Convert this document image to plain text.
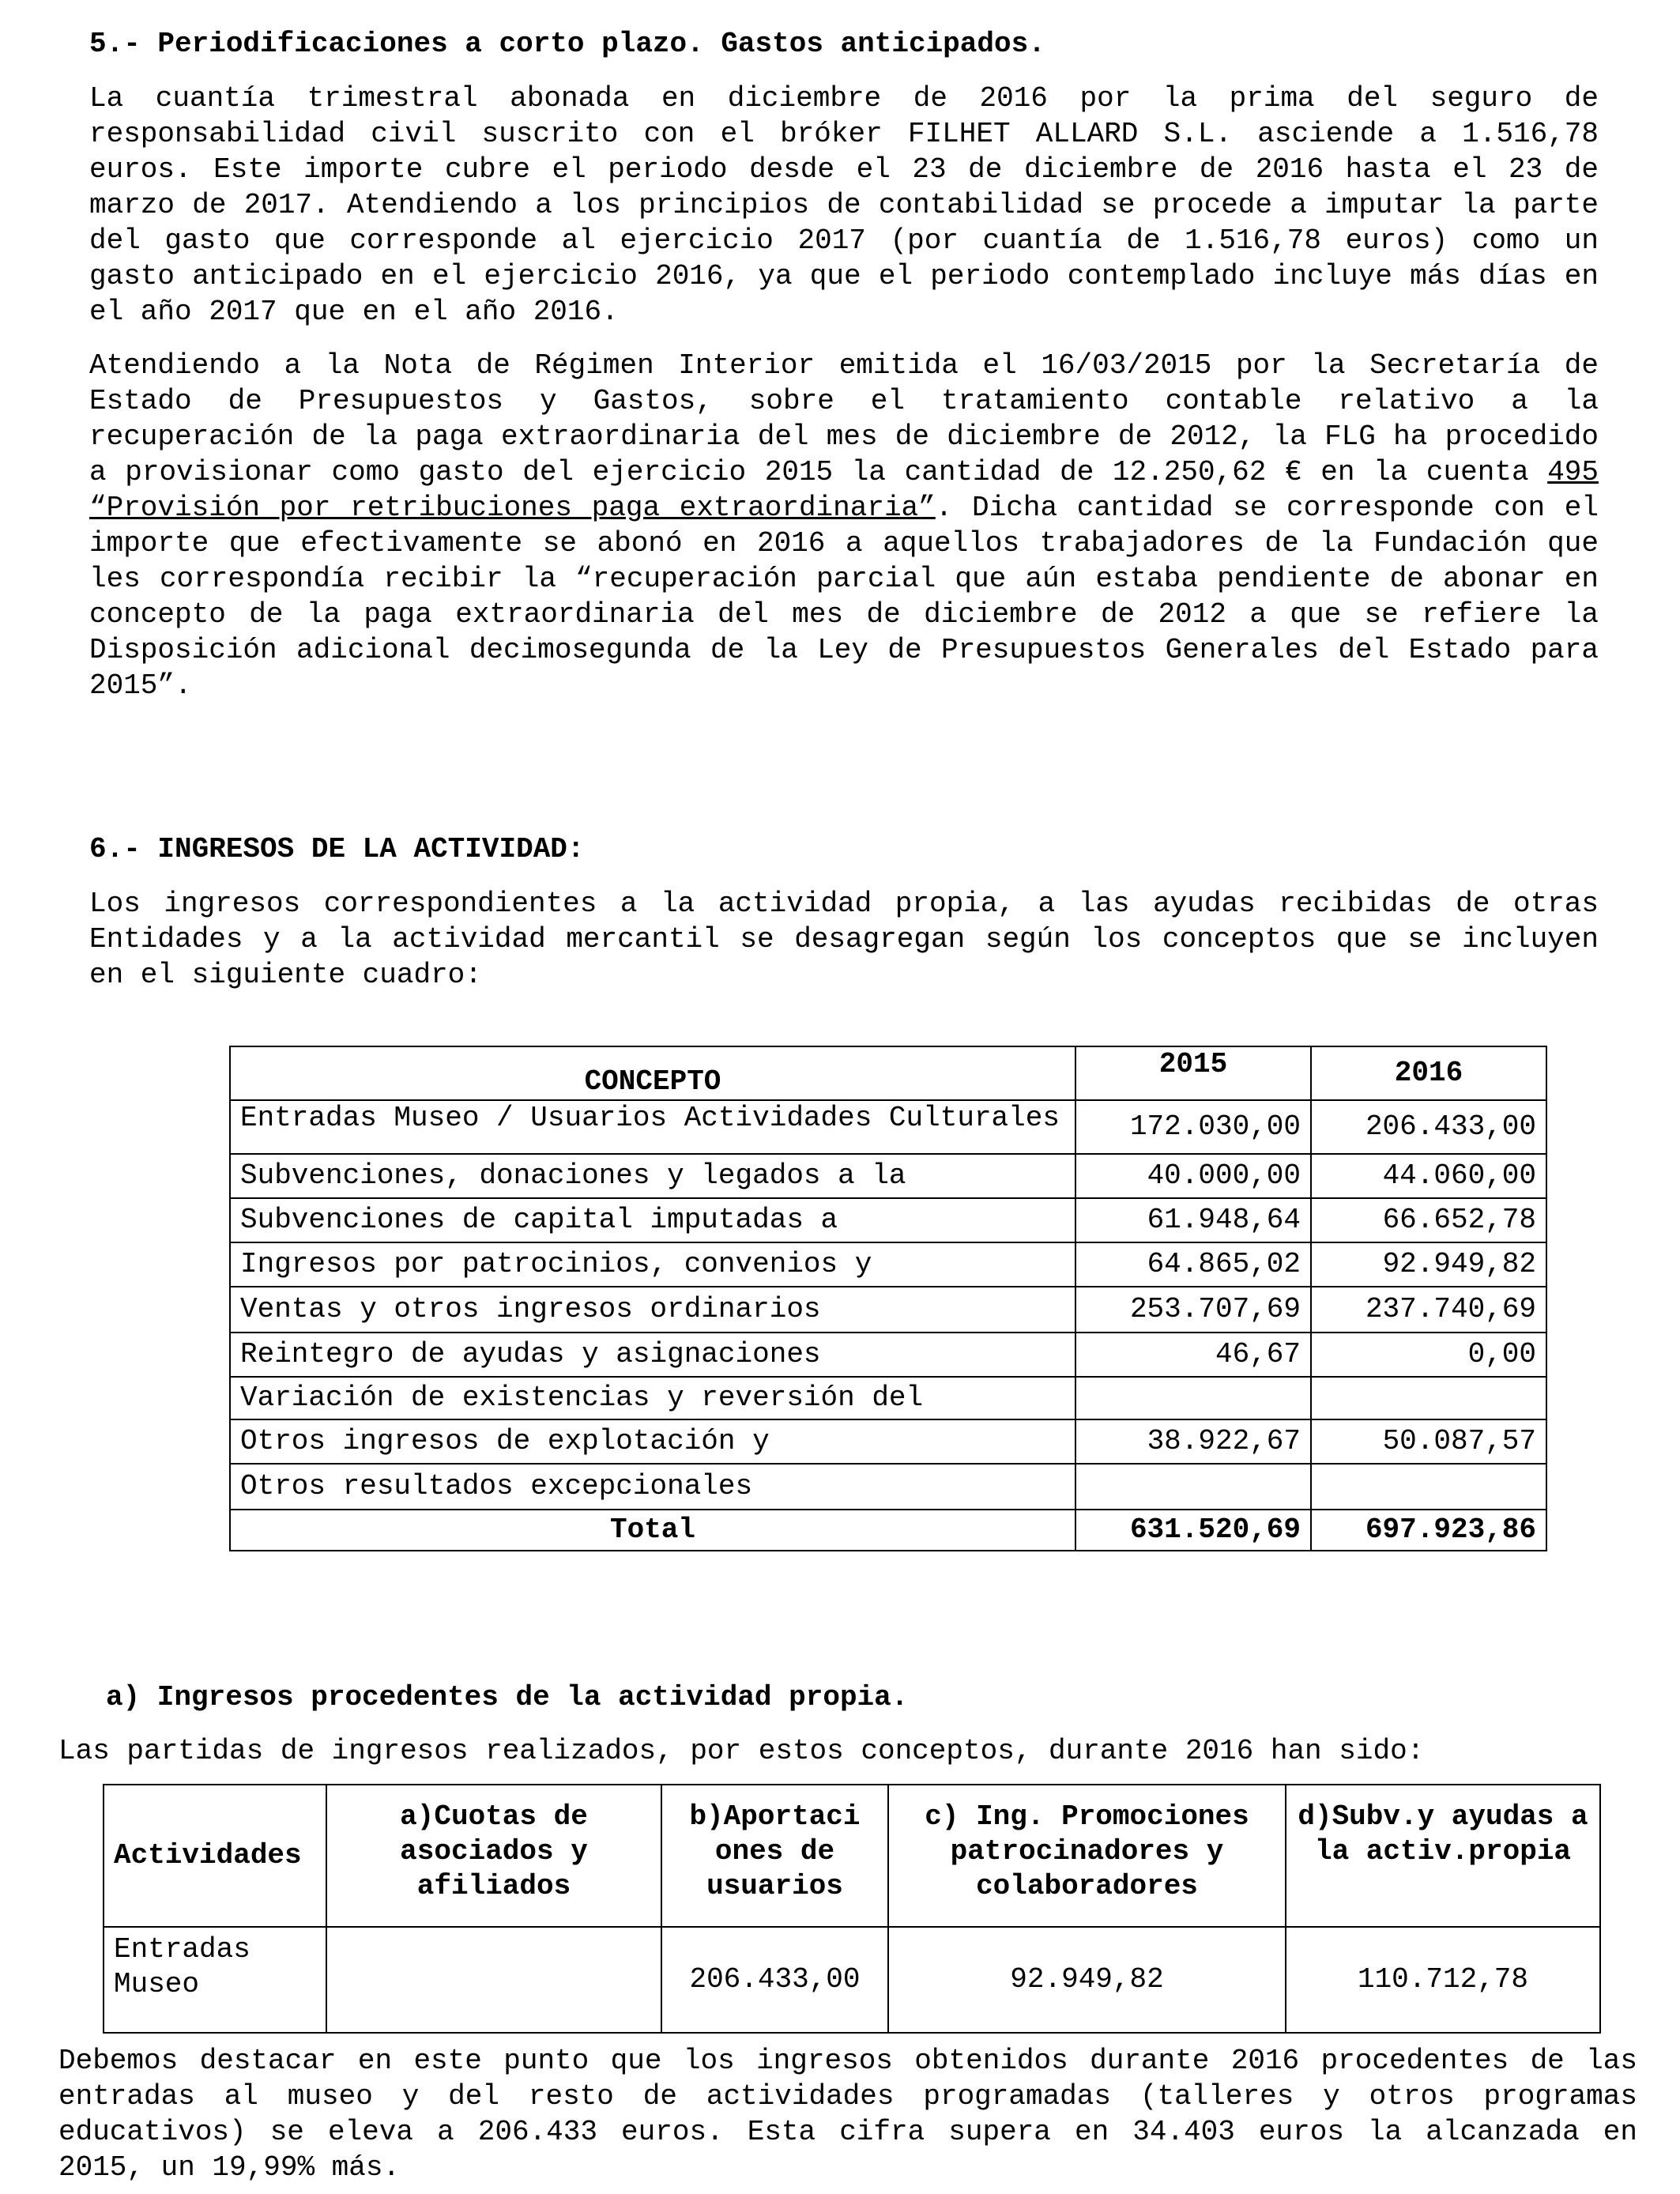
5.- Periodificaciones a corto plazo. Gastos anticipados.

La cuantía trimestral abonada en diciembre de 2016 por la prima del seguro de responsabilidad civil suscrito con el bróker FILHET ALLARD S.L. asciende a 1.516,78 euros. Este importe cubre el periodo desde el 23 de diciembre de 2016 hasta el 23 de marzo de 2017. Atendiendo a los principios de contabilidad se procede a imputar la parte del gasto que corresponde al ejercicio 2017 (por cuantía de 1.516,78 euros) como un gasto anticipado en el ejercicio 2016, ya que el periodo contemplado incluye más días en el año 2017 que en el año 2016.

Atendiendo a la Nota de Régimen Interior emitida el 16/03/2015 por la Secretaría de Estado de Presupuestos y Gastos, sobre el tratamiento contable relativo a la recuperación de la paga extraordinaria del mes de diciembre de 2012, la FLG ha procedido a provisionar como gasto del ejercicio 2015 la cantidad de 12.250,62 € en la cuenta 495 “Provisión por retribuciones paga extraordinaria”. Dicha cantidad se corresponde con el importe que efectivamente se abonó en 2016 a aquellos trabajadores de la Fundación que les correspondía recibir la “recuperación parcial que aún estaba pendiente de abonar en concepto de la paga extraordinaria del mes de diciembre de 2012 a que se refiere la Disposición adicional decimosegunda de la Ley de Presupuestos Generales del Estado para 2015”.

6.- INGRESOS DE LA ACTIVIDAD:

Los ingresos correspondientes a la actividad propia, a las ayudas recibidas de otras Entidades y a la actividad mercantil se desagregan según los conceptos que se incluyen en el siguiente cuadro:

CONCEPTO	2015	2016
Entradas Museo / Usuarios Actividades Culturales	172.030,00	206.433,00
Subvenciones, donaciones y legados a la	40.000,00	44.060,00
Subvenciones de capital imputadas a	61.948,64	66.652,78
Ingresos por patrocinios, convenios y	64.865,02	92.949,82
Ventas y otros ingresos ordinarios	253.707,69	237.740,69
Reintegro de ayudas y asignaciones	46,67	0,00
Variación de existencias y reversión del		
Otros ingresos de explotación y	38.922,67	50.087,57
Otros resultados excepcionales		
Total	631.520,69	697.923,86
a) Ingresos procedentes de la actividad propia.
Las partidas de ingresos realizados, por estos conceptos, durante 2016 han sido:
Actividades	a)Cuotas de asociados y afiliados	b)Aportaci ones de usuarios	c) Ing. Promociones patrocinadores y colaboradores	d)Subv.y ayudas a la activ.propia
Entradas Museo		206.433,00	92.949,82	110.712,78

Debemos destacar en este punto que los ingresos obtenidos durante 2016 procedentes de las entradas al museo y del resto de actividades programadas (talleres y otros programas educativos) se eleva a 206.433 euros. Esta cifra supera en 34.403 euros la alcanzada en 2015, un 19,99% más.
